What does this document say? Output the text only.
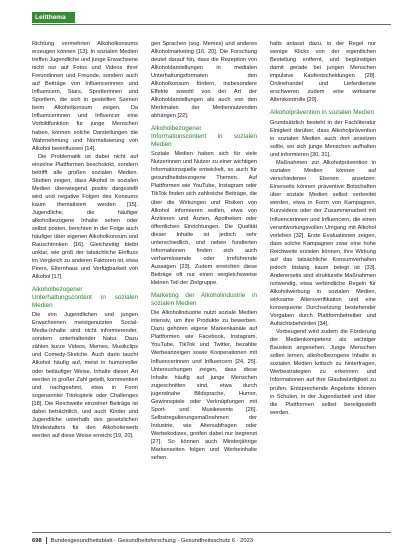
Leitthema

Richtung vermehrten Alkoholkonsums erzeugen können [13]. In sozialen Medien treffen Jugendliche und junge Erwachsene nicht nur auf Fotos und Videos ihrer Freundinnen und Freunde, sondern auch auf Beiträge von Influencerinnen und Influencern, Stars, Sportlerinnen und Sportlern, die sich in gestellten Szenen beim Alkoholkonsum zeigen. Da Influencerinnen und Influencer eine Vorbildfunktion für junge Menschen haben, können solche Darstellungen die Wahrnehmung und Normalisierung von Alkohol beeinflussen [14].

Die Problematik ist dabei nicht auf einzelne Plattformen beschränkt, sondern betrifft alle großen sozialen Medien. Studien zeigen, dass Alkohol in sozialen Medien überwiegend positiv dargestellt wird und negative Folgen des Konsums kaum thematisiert werden [15]. Jugendliche, die häufiger alkoholbezogene Inhalte sehen oder selbst posten, berichten in der Folge auch häufiger über eigenen Alkoholkonsum und Rauschtrinken [16]. Gleichzeitig bleibt unklar, wie groß der tatsächliche Einfluss im Vergleich zu anderen Faktoren ist, etwa Peers, Elternhaus und Verfügbarkeit von Alkohol [17].

Alkoholbezogener Unterhaltungscontent in sozialen Medien

Die von Jugendlichen und jungen Erwachsenen meistgenutzten Social-Media-Inhalte sind nicht informierender, sondern unterhaltender Natur. Dazu zählen kurze Videos, Memes, Musikclips und Comedy-Sketche. Auch darin taucht Alkohol häufig auf, meist in humorvoller oder beiläufiger Weise. Inhalte dieser Art werden in großer Zahl geteilt, kommentiert und nachgeahmt, etwa in Form sogenannter Trinkspiele oder Challenges [18]. Die Reichweite einzelner Beiträge ist dabei beträchtlich, und auch Kinder und Jugendliche unterhalb des gesetzlichen Mindestalters für den Alkoholerwerb werden auf diese Weise erreicht [19, 20].

gen Sprachen (sog. Memes) und anderes Alkoholmarketing [16, 20]. Die Forschung deutet darauf hin, dass die Rezeption von Alkoholdarstellungen in medialen Unterhaltungsformaten den Alkoholkonsum fördern, insbesondere Effekte sowohl von der Art der Alkoholdarstellungen als auch von den Merkmalen der Mediennutzenden abhängen [22].

Alkoholbezogener Informationscontent in sozialen Medien

Soziale Medien haben sich für viele Nutzerinnen und Nutzer zu einer wichtigen Informationsquelle entwickelt, so auch für gesundheitsbezogene Themen. Auf Plattformen wie YouTube, Instagram oder TikTok finden sich zahlreiche Beiträge, die über die Wirkungen und Risiken von Alkohol informieren wollen, etwa von Ärztinnen und Ärzten, Apotheken oder öffentlichen Einrichtungen. Die Qualität dieser Inhalte ist jedoch sehr unterschiedlich, und neben fundierten Informationen finden sich auch verharmlosende oder irreführende Aussagen [23]. Zudem erreichen diese Beiträge oft nur einen vergleichsweise kleinen Teil der Zielgruppe.

Marketing der Alkoholindustrie in sozialen Medien

Die Alkoholindustrie nutzt soziale Medien intensiv, um ihre Produkte zu bewerben. Dazu gehören eigene Markenkanäle auf Plattformen wie Facebook, Instagram, YouTube, TikTok und Twitter, bezahlte Werbeanzeigen sowie Kooperationen mit Influencerinnen und Influencern [24, 25]. Untersuchungen zeigen, dass diese Inhalte häufig auf junge Menschen zugeschnitten sind, etwa durch jugendnahe Bildsprache, Humor, Gewinnspiele oder Verknüpfungen mit Sport- und Musikevents [26]. Selbstregulierungsmaßnahmen der Industrie, wie Altersabfragen oder Werbekodizes, greifen dabei nur begrenzt [27]. So können auch Minderjährige Markenseiten folgen und Werbeinhalte sehen.

halts anlasst dazu, in der Regel nur wenige Klicks von der eigentlichen Bestellung entfernt, und begünstigen damit gerade bei jungen Menschen impulsive Kaufentscheidungen [28]. Onlinehandel und Lieferdienste erschweren zudem eine wirksame Alterskontrolle [29].

Alkoholprävention in sozialen Medien

Grundsätzlich besteht in der Fachliteratur Einigkeit darüber, dass Alkoholprävention in sozialen Medien auch dort ansetzen sollte, wo sich junge Menschen aufhalten und informieren [30, 31].

Maßnahmen zur Alkoholprävention in sozialen Medien können auf verschiedenen Ebenen ansetzen: Einerseits können präventive Botschaften über soziale Medien selbst verbreitet werden, etwa in Form von Kampagnen, Kurzvideos oder der Zusammenarbeit mit Influencerinnen und Influencern, die einen verantwortungsvollen Umgang mit Alkohol vorleben [32]. Erste Evaluationen zeigen, dass solche Kampagnen zwar eine hohe Reichweite erzielen können, ihre Wirkung auf das tatsächliche Konsumverhalten jedoch bislang kaum belegt ist [33]. Andererseits sind strukturelle Maßnahmen notwendig, etwa verbindliche Regeln für Alkoholwerbung in sozialen Medien, wirksame Altersverifikation und eine konsequente Durchsetzung bestehender Vorgaben durch Plattformbetreiber und Aufsichtsbehörden [34].

Vorbeugend wird zudem die Förderung der Medienkompetenz als wichtiger Baustein angesehen. Junge Menschen sollen lernen, alkoholbezogene Inhalte in sozialen Medien kritisch zu hinterfragen, Werbestrategien zu erkennen und Informationen auf ihre Glaubwürdigkeit zu prüfen. Entsprechende Angebote können in Schulen, in der Jugendarbeit und über die Plattformen selbst bereitgestellt werden.

698 Bundesgesundheitsblatt - Gesundheitsforschung - Gesundheitsschutz 6 · 2023
